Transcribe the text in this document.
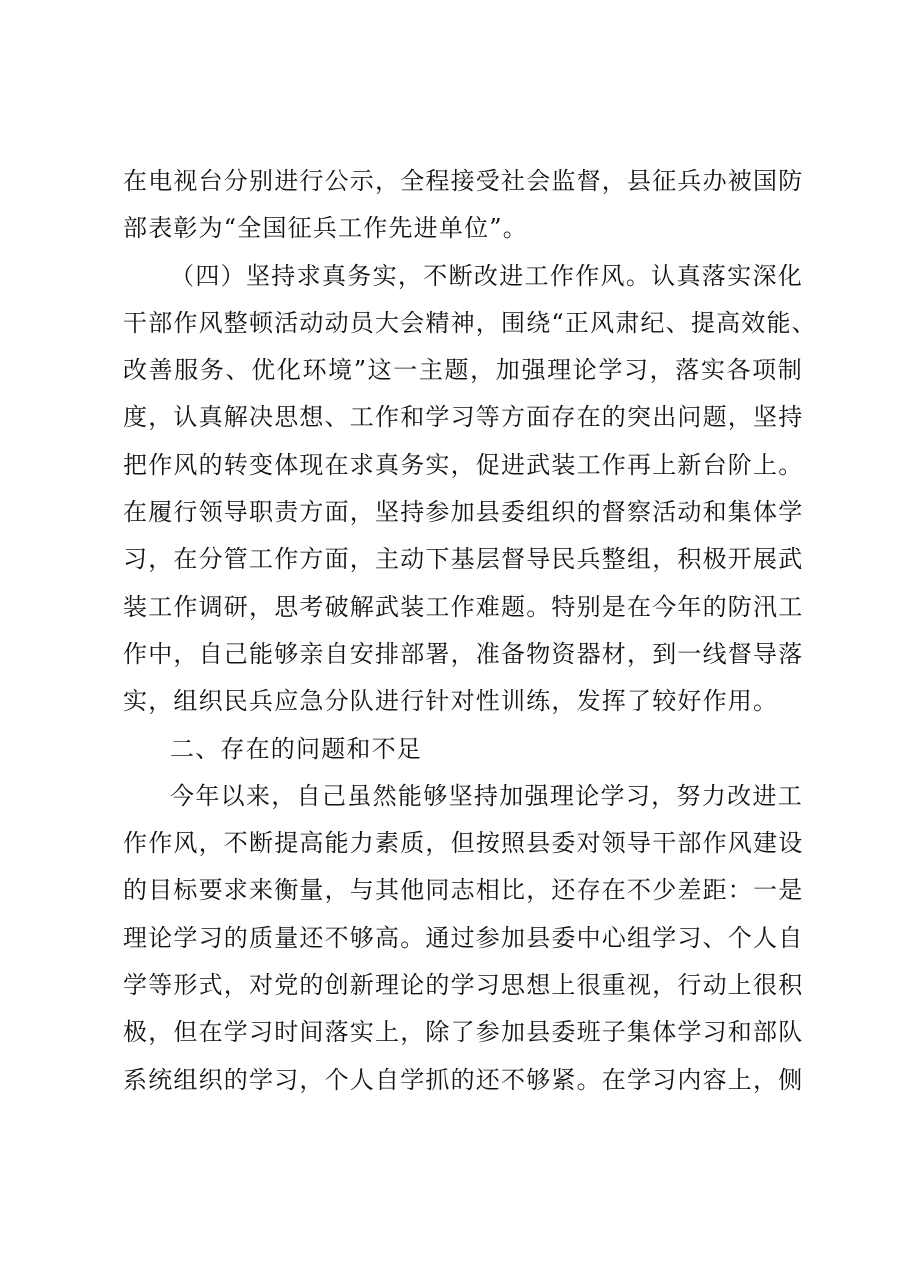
在电视台分别进行公示，全程接受社会监督，县征兵办被国防
部表彰为“全国征兵工作先进单位”。
（四）坚持求真务实，不断改进工作作风。认真落实深化
干部作风整顿活动动员大会精神，围绕“正风肃纪、提高效能、
改善服务、优化环境”这一主题，加强理论学习，落实各项制
度，认真解决思想、工作和学习等方面存在的突出问题，坚持
把作风的转变体现在求真务实，促进武装工作再上新台阶上。
在履行领导职责方面，坚持参加县委组织的督察活动和集体学
习，在分管工作方面，主动下基层督导民兵整组，积极开展武
装工作调研，思考破解武装工作难题。特别是在今年的防汛工
作中，自己能够亲自安排部署，准备物资器材，到一线督导落
实，组织民兵应急分队进行针对性训练，发挥了较好作用。
二、存在的问题和不足
今年以来，自己虽然能够坚持加强理论学习，努力改进工
作作风，不断提高能力素质，但按照县委对领导干部作风建设
的目标要求来衡量，与其他同志相比，还存在不少差距：一是
理论学习的质量还不够高。通过参加县委中心组学习、个人自
学等形式，对党的创新理论的学习思想上很重视，行动上很积
极，但在学习时间落实上，除了参加县委班子集体学习和部队
系统组织的学习，个人自学抓的还不够紧。在学习内容上，侧
